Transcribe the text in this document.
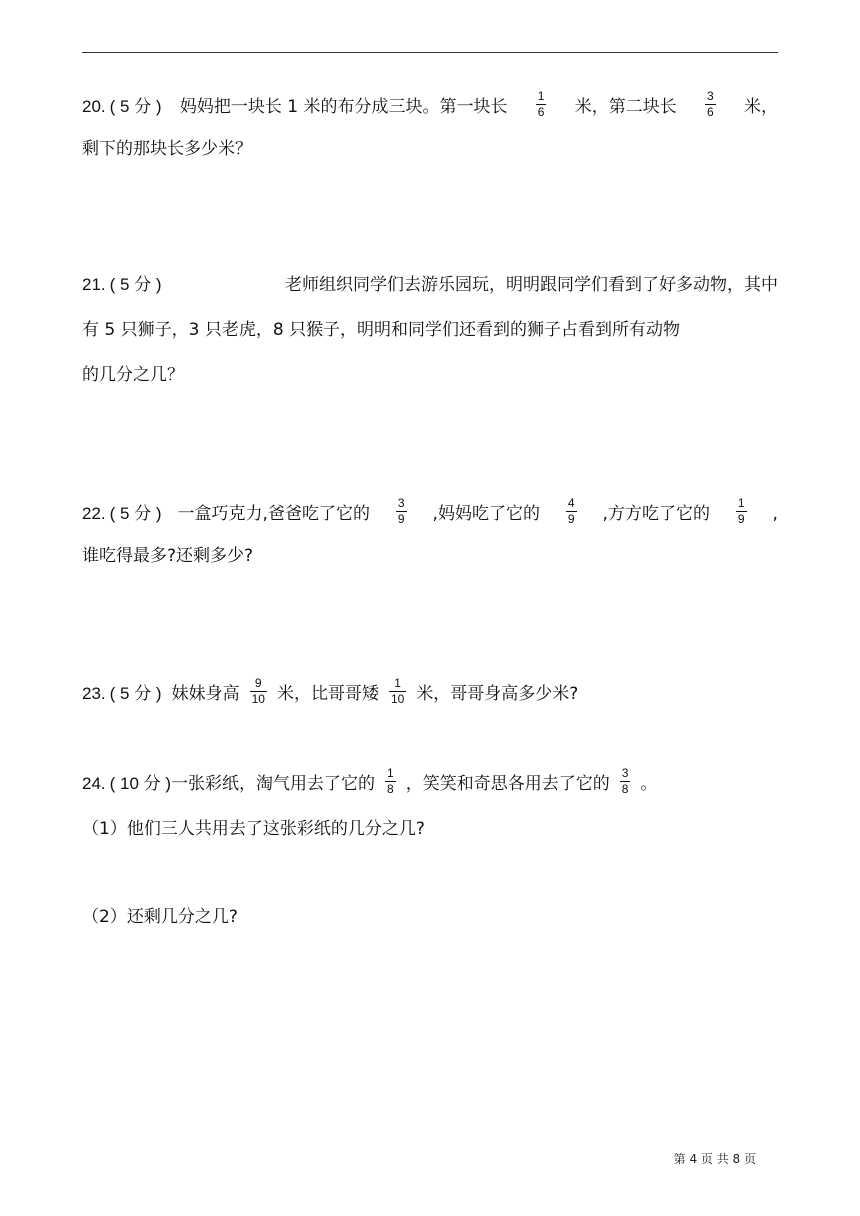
20. ( 5 分 ) 妈妈把一块长 1 米的布分成三块。第一块长 $\frac{1}{6}$ 米，第二块长 $\frac{3}{6}$ 米，
剩下的那块长多少米？
21. ( 5 分 )	老师组织同学们去游乐园玩，明明跟同学们看到了好多动物，其中
有 5 只狮子，3 只老虎，8 只猴子，明明和同学们还看到的狮子占看到所有动物
的几分之几？
22. ( 5 分 ) 一盒巧克力,爸爸吃了它的 $\frac{3}{9}$ ,妈妈吃了它的 $\frac{4}{9}$ ,方方吃了它的 $\frac{1}{9}$ ,
谁吃得最多?还剩多少?
23. ( 5 分 ) 妹妹身高 $\frac{9}{10}$ 米，比哥哥矮 $\frac{1}{10}$ 米，哥哥身高多少米?
24. ( 10 分 ) 一张彩纸，淘气用去了它的 $\frac{1}{8}$ ，笑笑和奇思各用去了它的 $\frac{3}{8}$ 。
（1）他们三人共用去了这张彩纸的几分之几?
（2）还剩几分之几?
第 4 页 共 8 页
